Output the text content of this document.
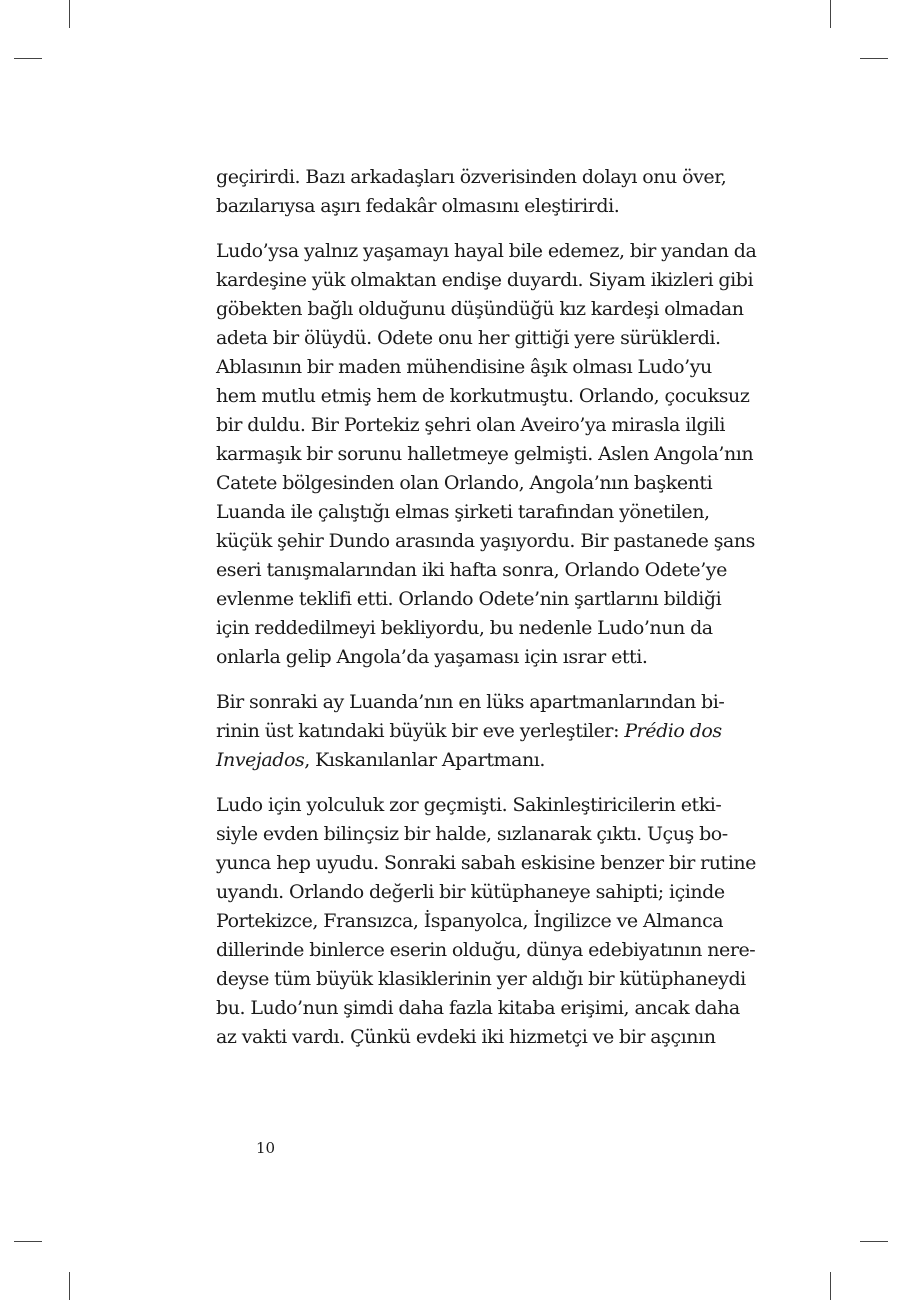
geçirirdi. Bazı arkadaşları özverisinden dolayı onu över,
bazılarıysa aşırı fedakâr olmasını eleştirirdi.

Ludo’ysa yalnız yaşamayı hayal bile edemez, bir yandan da
kardeşine yük olmaktan endişe duyardı. Siyam ikizleri gibi
göbekten bağlı olduğunu düşündüğü kız kardeşi olmadan
adeta bir ölüydü. Odete onu her gittiği yere sürüklerdi.
Ablasının bir maden mühendisine âşık olması Ludo’yu
hem mutlu etmiş hem de korkutmuştu. Orlando, çocuksuz
bir duldu. Bir Portekiz şehri olan Aveiro’ya mirasla ilgili
karmaşık bir sorunu halletmeye gelmişti. Aslen Angola’nın
Catete bölgesinden olan Orlando, Angola’nın başkenti
Luanda ile çalıştığı elmas şirketi tarafından yönetilen,
küçük şehir Dundo arasında yaşıyordu. Bir pastanede şans
eseri tanışmalarından iki hafta sonra, Orlando Odete’ye
evlenme teklifi etti. Orlando Odete’nin şartlarını bildiği
için reddedilmeyi bekliyordu, bu nedenle Ludo’nun da
onlarla gelip Angola’da yaşaması için ısrar etti.

Bir sonraki ay Luanda’nın en lüks apartmanlarından bi-
rinin üst katındaki büyük bir eve yerleştiler: Prédio dos
Invejados, Kıskanılanlar Apartmanı.

Ludo için yolculuk zor geçmişti. Sakinleştiricilerin etki-
siyle evden bilinçsiz bir halde, sızlanarak çıktı. Uçuş bo-
yunca hep uyudu. Sonraki sabah eskisine benzer bir rutine
uyandı. Orlando değerli bir kütüphaneye sahipti; içinde
Portekizce, Fransızca, İspanyolca, İngilizce ve Almanca
dillerinde binlerce eserin olduğu, dünya edebiyatının nere-
deyse tüm büyük klasiklerinin yer aldığı bir kütüphaneydi
bu. Ludo’nun şimdi daha fazla kitaba erişimi, ancak daha
az vakti vardı. Çünkü evdeki iki hizmetçi ve bir aşçının

10
